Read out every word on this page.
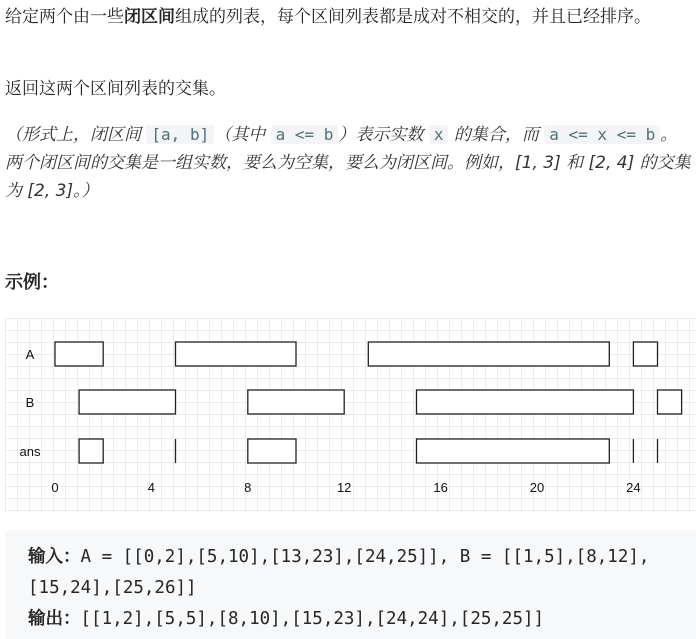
给定两个由一些闭区间组成的列表，每个区间列表都是成对不相交的，并且已经排序。

返回这两个区间列表的交集。

（形式上，闭区间 [a, b] （其中 a <= b ）表示实数 x 的集合，而 a <= x <= b 。两个闭区间的交集是一组实数，要么为空集，要么为闭区间。例如，[1, 3] 和 [2, 4] 的交集为 [2, 3]。）

示例：
A
B
ans
0	4	8	12	16	20	24
输入：A = [[0,2],[5,10],[13,23],[24,25]], B = [[1,5],[8,12],[15,24],[25,26]]
输出：[[1,2],[5,5],[8,10],[15,23],[24,24],[25,25]]
